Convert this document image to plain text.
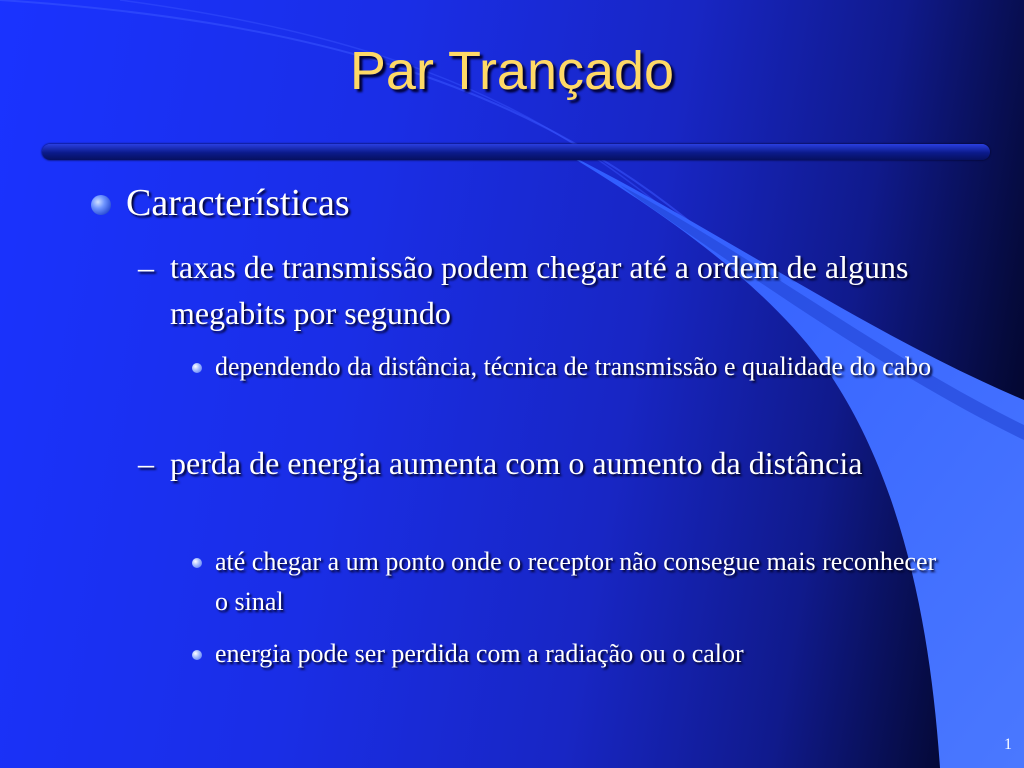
Par Trançado

Características

– taxas de transmissão podem chegar até a ordem de alguns megabits por segundo

dependendo da distância, técnica de transmissão e qualidade do cabo

– perda de energia aumenta com o aumento da distância

até chegar a um ponto onde o receptor não consegue mais reconhecer o sinal

energia pode ser perdida com a radiação ou o calor

1
